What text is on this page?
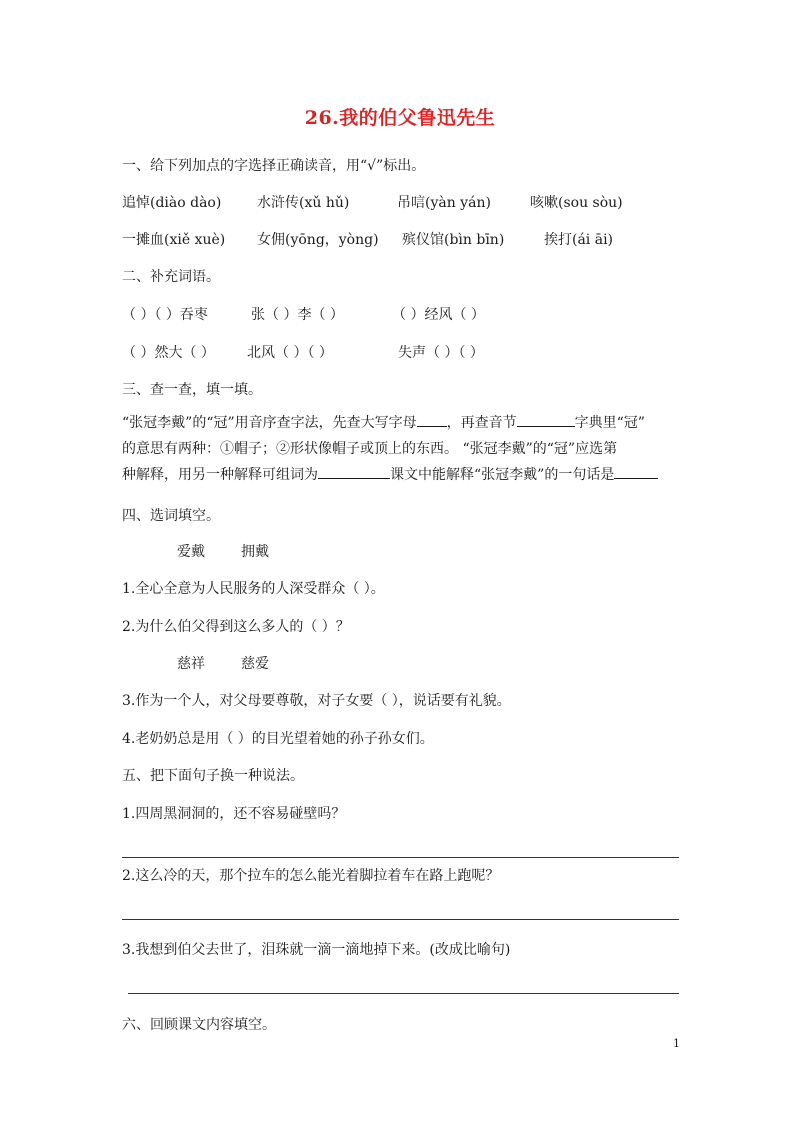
26.我的伯父鲁迅先生
一、给下列加点的字选择正确读音，用“√”标出。
追悼(diào dào)	水浒传(xǔ hǔ)	吊唁(yàn yán)	咳嗽(sou sòu)
一摊血(xiě xuè) 女佣(yōng，yòng) 殡仪馆(bìn bīn)	挨打(ái āi)
二、补充词语。
（ ）（ ）吞枣	张（ ）李（ ）	（ ）经风（ ）
（ ）然大（ ） 北风（ ）（ ）	失声（ ）（ ）
三、查一查，填一填。
“张冠李戴”的“冠”用音序查字法，先查大写字母 ，再查音节	字典里“冠”
的意思有两种：①帽子；②形状像帽子或顶上的东西。 “张冠李戴”的“冠”应选第
种解释，用另一种解释可组词为	课文中能解释“张冠李戴”的一句话是
四、选词填空。
爱戴	拥戴
1.全心全意为人民服务的人深受群众（ ）。
2.为什么伯父得到这么多人的（ ）？
慈祥	慈爱
3.作为一个人，对父母要尊敬，对子女要（ ），说话要有礼貌。
4.老奶奶总是用（ ）的目光望着她的孙子孙女们。
五、把下面句子换一种说法。
1.四周黑洞洞的，还不容易碰壁吗？
2.这么冷的天，那个拉车的怎么能光着脚拉着车在路上跑呢？
3.我想到伯父去世了，泪珠就一滴一滴地掉下来。(改成比喻句)
六、回顾课文内容填空。
1
